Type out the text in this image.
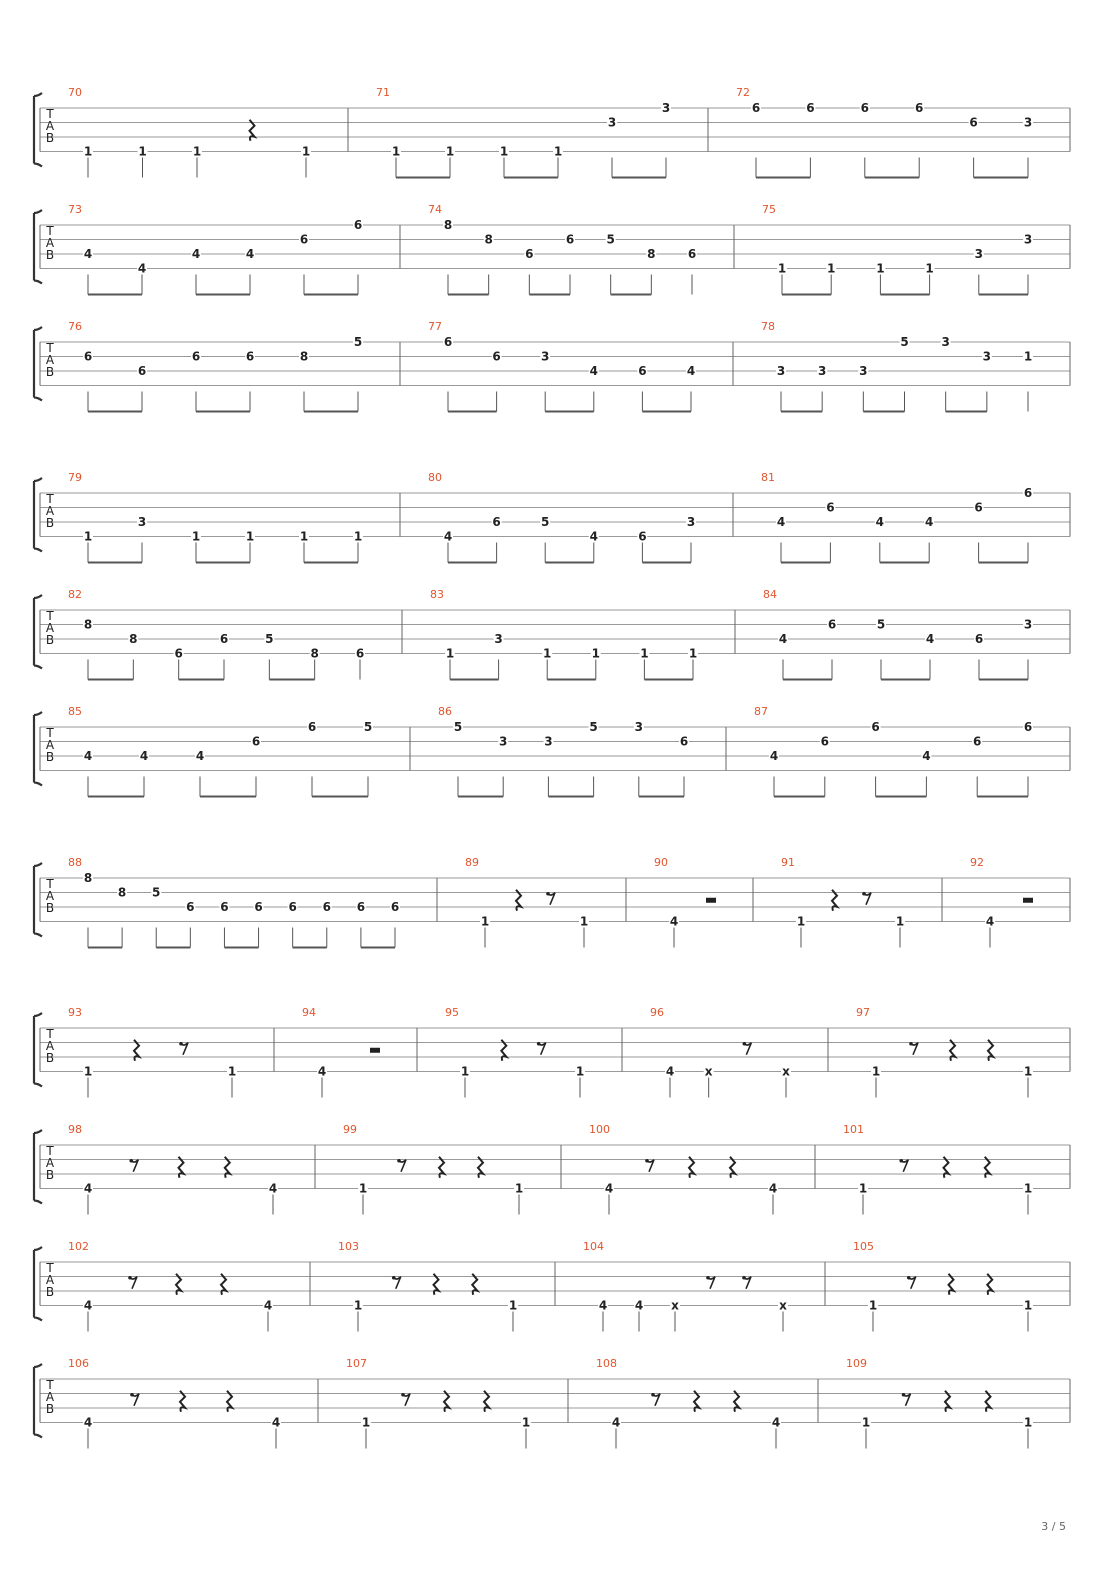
T
A
B
70
1	1	1	1
71
1	1	1	1
3
3
72
6	6	6	6
6	3
T
A
B
73
4
4
4	4
6
6
74
8
8
6
6	5
8	6
75
1	1	1	1
3
3
T
A
B
76
6
6
6	6	8
5
77
6
6	3
4	6	4
78
3	3	3
5	3
3	1
T
A
B
79
1
3
1	1	1	1
80
4
6	5
4	6
3
81
4
6
4	4
6
6
T
A
B
82
8
8
6
6	5
8	6
83
1
3
1	1	1	1
84
4
6	5
4	6
3
T
A
B
85
4	4	4
6
6	5
86
5
3	3
5	3
6
87
4
6
6
4
6
6
T
A
B
88
8
8 5
6 6 6 6 6 6 6
89
1	1
90
4
91
1	1
92
4
T
A
B
93
1	1
94
4
95
1	1
96
4	x	x
97
1	1
T
A
B
98
4	4
99
1	1
100
4	4
101
1	1
T
A
B
102
4	4
103
1	1
104
4 4 x	x
105
1	1
T
A
B
106
4	4
107
1	1
108
4	4
109
1	1
3 / 5
